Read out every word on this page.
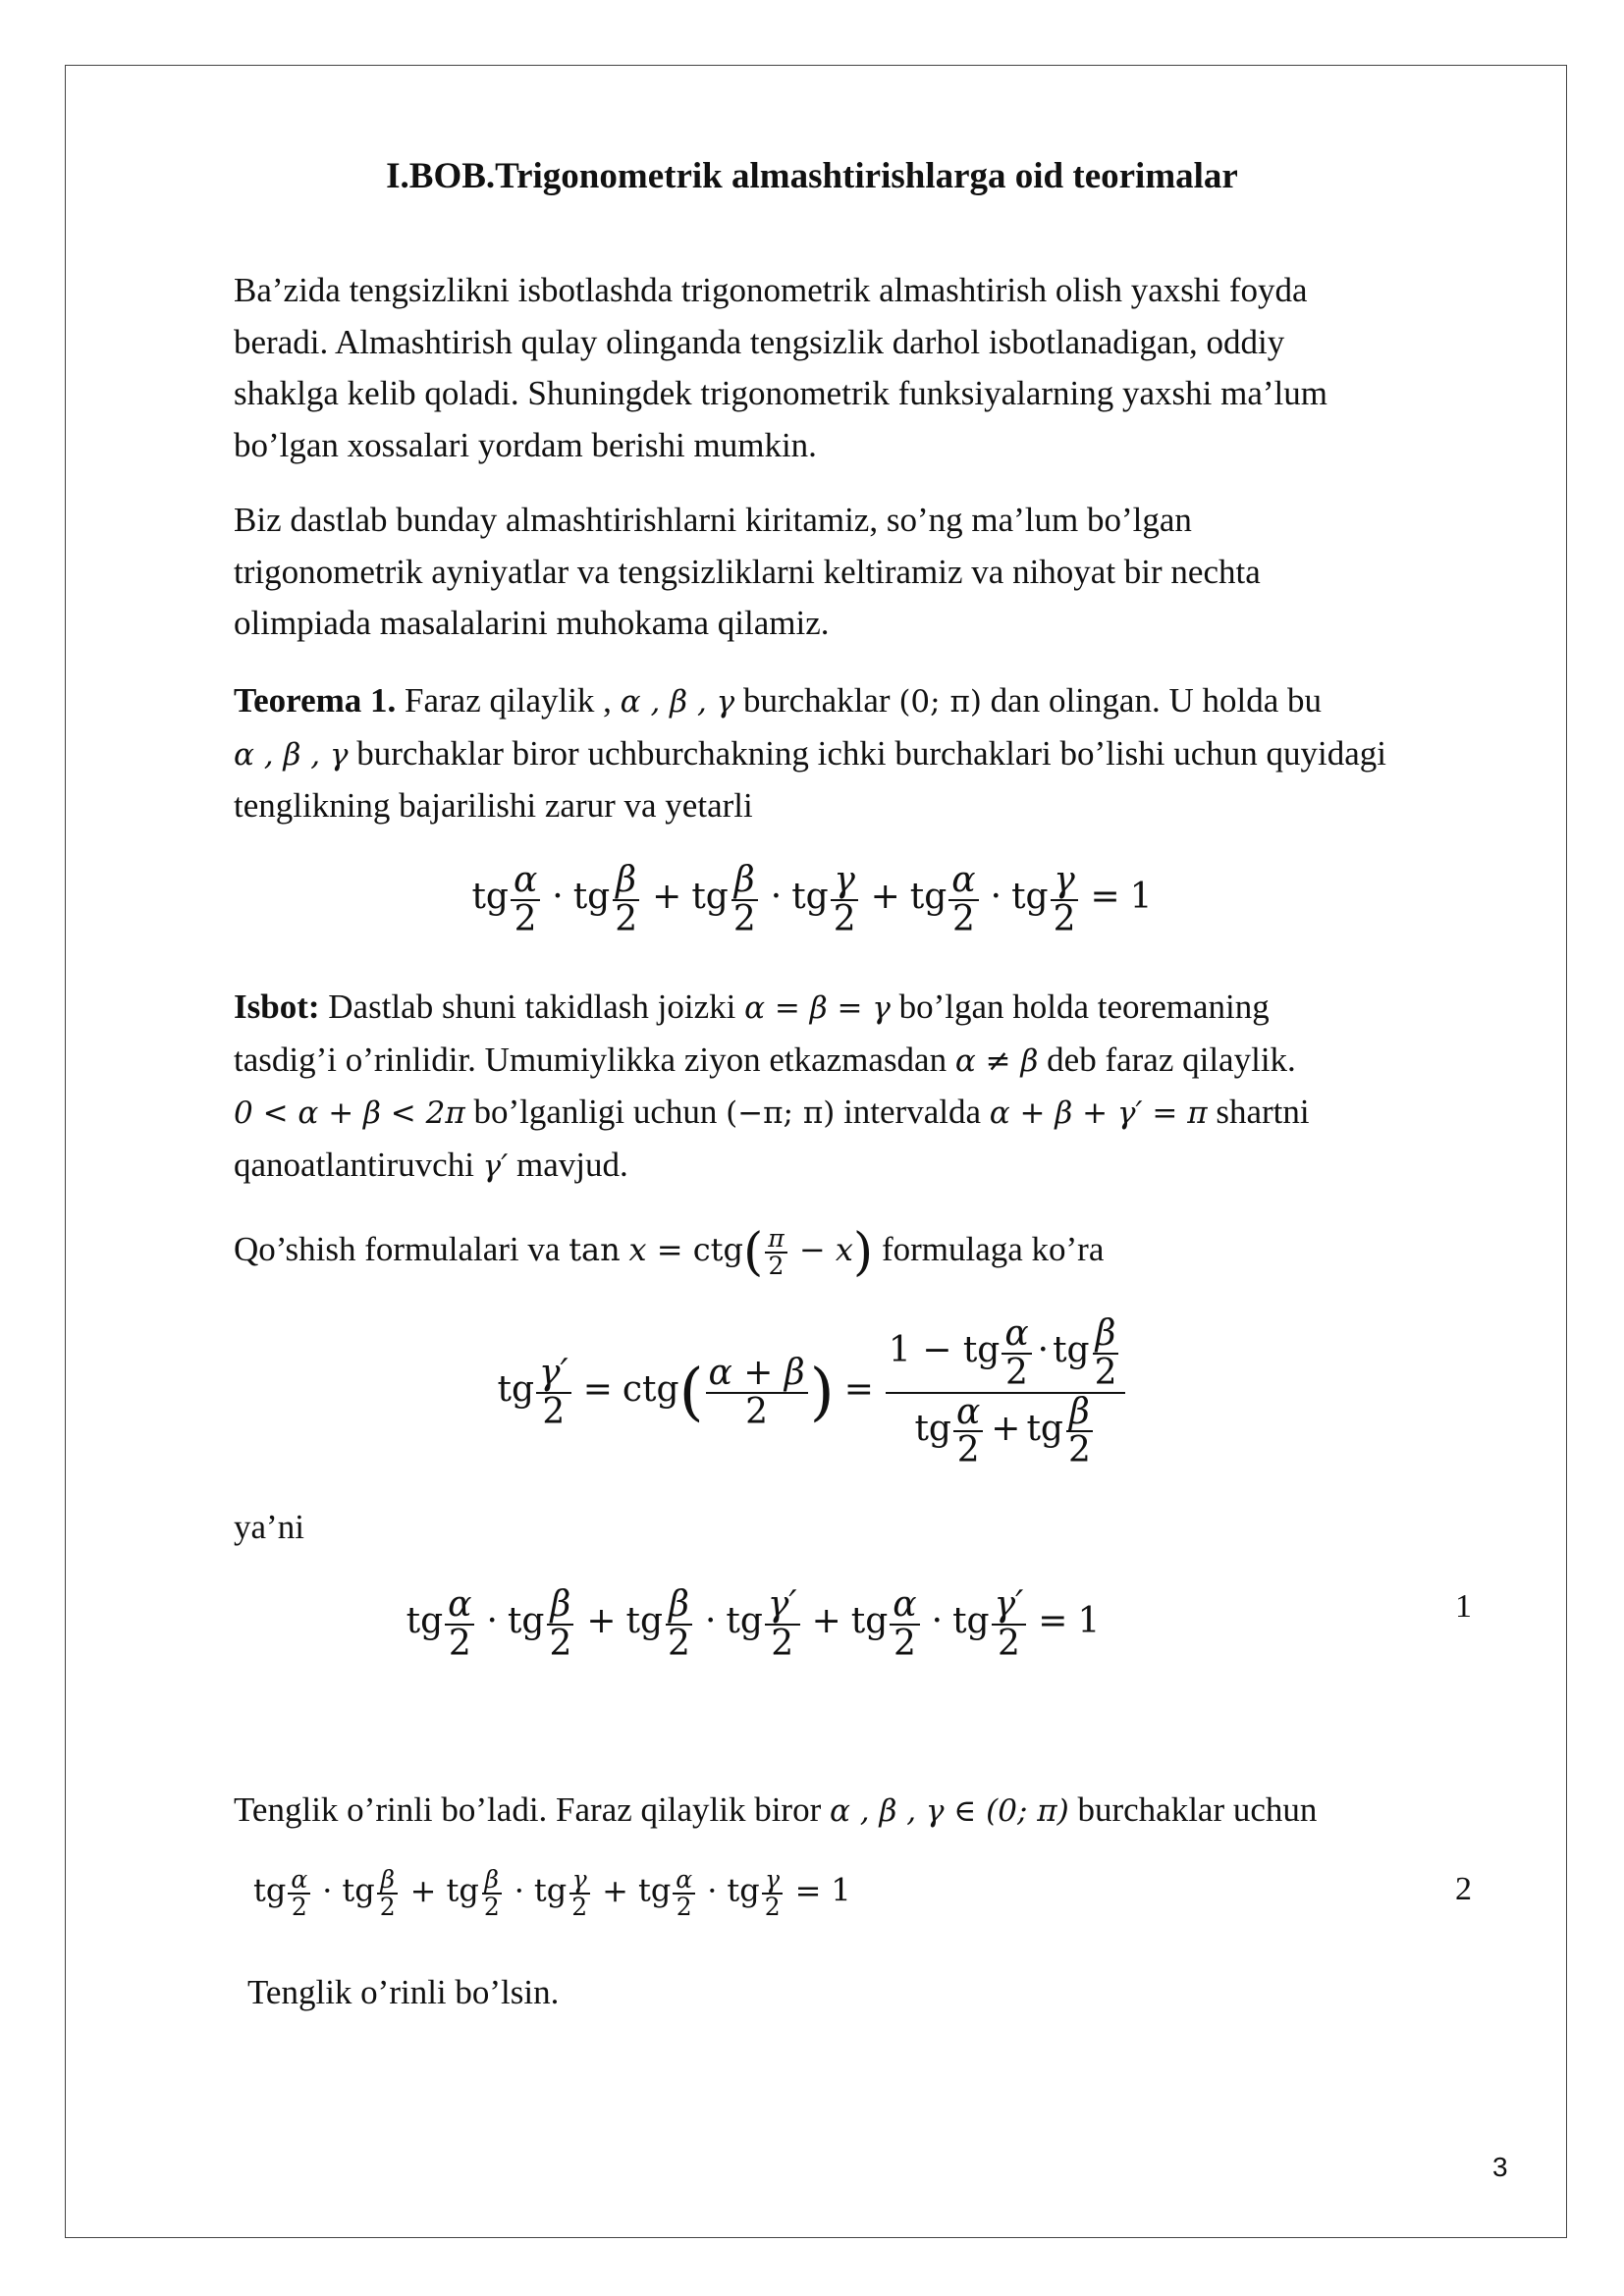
I.BOB.Trigonometrik almashtirishlarga oid teorimalar
Ba’zida tengsizlikni isbotlashda trigonometrik almashtirish olish yaxshi foyda
beradi. Almashtirish qulay olinganda tengsizlik darhol isbotlanadigan, oddiy
shaklga kelib qoladi. Shuningdek trigonometrik funksiyalarning yaxshi ma’lum
bo’lgan xossalari yordam berishi mumkin.
Biz dastlab bunday almashtirishlarni kiritamiz, so’ng ma’lum bo’lgan
trigonometrik ayniyatlar va tengsizliklarni keltiramiz va nihoyat bir nechta
olimpiada masalalarini muhokama qilamiz.
Teorema 1. Faraz qilaylik , α , β , γ burchaklar (0; π) dan olingan. U holda bu
α , β , γ burchaklar biror uchburchakning ichki burchaklari bo’lishi uchun quyidagi
tenglikning bajarilishi zarur va yetarli
tg $\frac{\alpha}{2}$ · tg $\frac{\beta}{2}$ + tg $\frac{\beta}{2}$ · tg $\frac{\gamma}{2}$ + tg $\frac{\alpha}{2}$ · tg $\frac{\gamma}{2} = 1$
Isbot: Dastlab shuni takidlash joizki α = β = γ bo’lgan holda teoremaning
tasdig’i o’rinlidir. Umumiylikka ziyon etkazmasdan α ≠ β deb faraz qilaylik.
0 < α + β < 2π bo’lganligi uchun (−π; π) intervalda α + β + γ′ = π shartni
qanoatlantiruvchi γ′ mavjud.
Qo’shish formulalari va $\tan x = ctg( \frac{\pi}{2} - x)$ formulaga ko’ra
tg $\frac{\gamma'}{2} = ctg( \frac{\alpha + \beta}{2}$ ) = $\frac{1 - tg \frac{\alpha}{2} \cdot tg \frac{\beta}{2}}{tg \frac{\alpha}{2} + tg \frac{\beta}{2}}$
ya’ni
tg $\frac{\alpha}{2}$ · tg $\frac{\beta}{2}$ + tg $\frac{\beta}{2}$ · tg $\frac{\gamma'}{2}$ + tg $\frac{\alpha}{2}$ · tg $\frac{\gamma'}{2} = 1$	1
Tenglik o’rinli bo’ladi. Faraz qilaylik biror α , β , γ ∈ (0; π) burchaklar uchun
tg $\frac{\alpha}{2}$ · tg $\frac{\beta}{2}$ + tg $\frac{\beta}{2}$ · tg $\frac{\gamma}{2}$ + tg $\frac{\alpha}{2}$ · tg $\frac{\gamma}{2} = 1$	2
Tenglik o’rinli bo’lsin.
3
